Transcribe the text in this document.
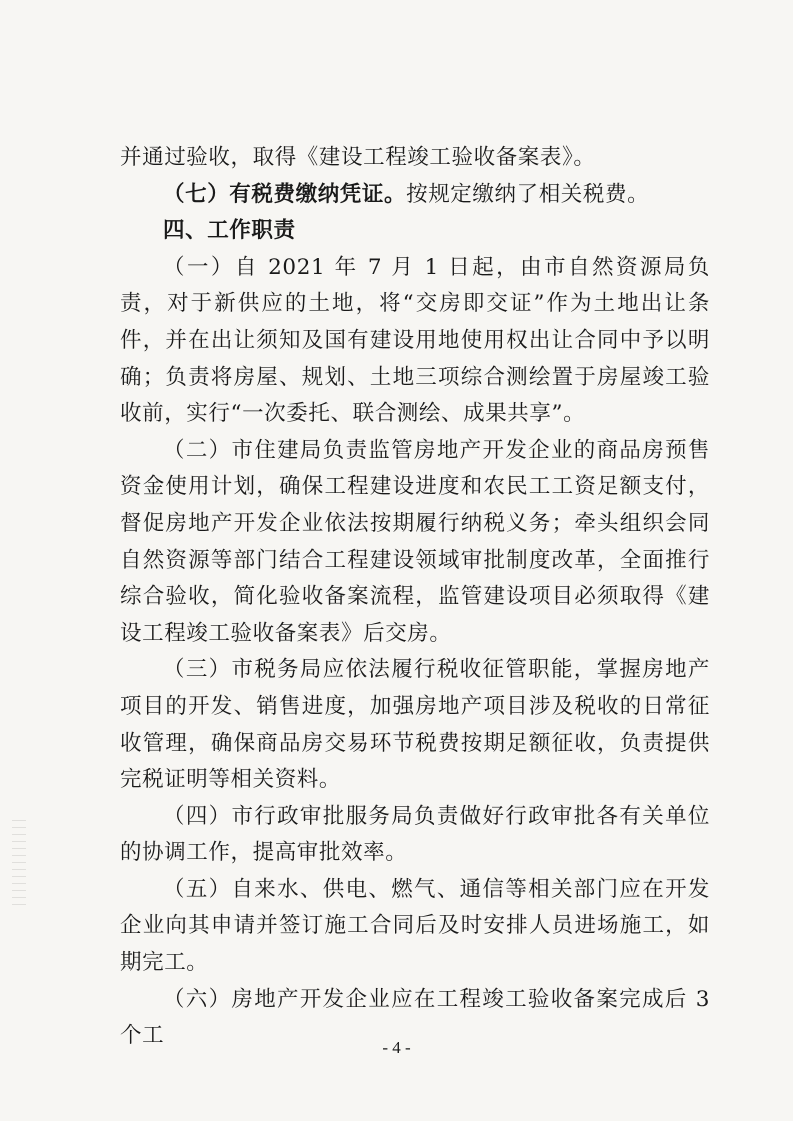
并通过验收，取得《建设工程竣工验收备案表》。

（七）有税费缴纳凭证。按规定缴纳了相关税费。

四、工作职责

（一）自 2021 年 7 月 1 日起，由市自然资源局负责，对于新供应的土地，将“交房即交证”作为土地出让条件，并在出让须知及国有建设用地使用权出让合同中予以明确；负责将房屋、规划、土地三项综合测绘置于房屋竣工验收前，实行“一次委托、联合测绘、成果共享”。

（二）市住建局负责监管房地产开发企业的商品房预售资金使用计划，确保工程建设进度和农民工工资足额支付，督促房地产开发企业依法按期履行纳税义务；牵头组织会同自然资源等部门结合工程建设领域审批制度改革，全面推行综合验收，简化验收备案流程，监管建设项目必须取得《建设工程竣工验收备案表》后交房。

（三）市税务局应依法履行税收征管职能，掌握房地产项目的开发、销售进度，加强房地产项目涉及税收的日常征收管理，确保商品房交易环节税费按期足额征收，负责提供完税证明等相关资料。

（四）市行政审批服务局负责做好行政审批各有关单位的协调工作，提高审批效率。

（五）自来水、供电、燃气、通信等相关部门应在开发企业向其申请并签订施工合同后及时安排人员进场施工，如期完工。

（六）房地产开发企业应在工程竣工验收备案完成后 3 个工	- 4 -
